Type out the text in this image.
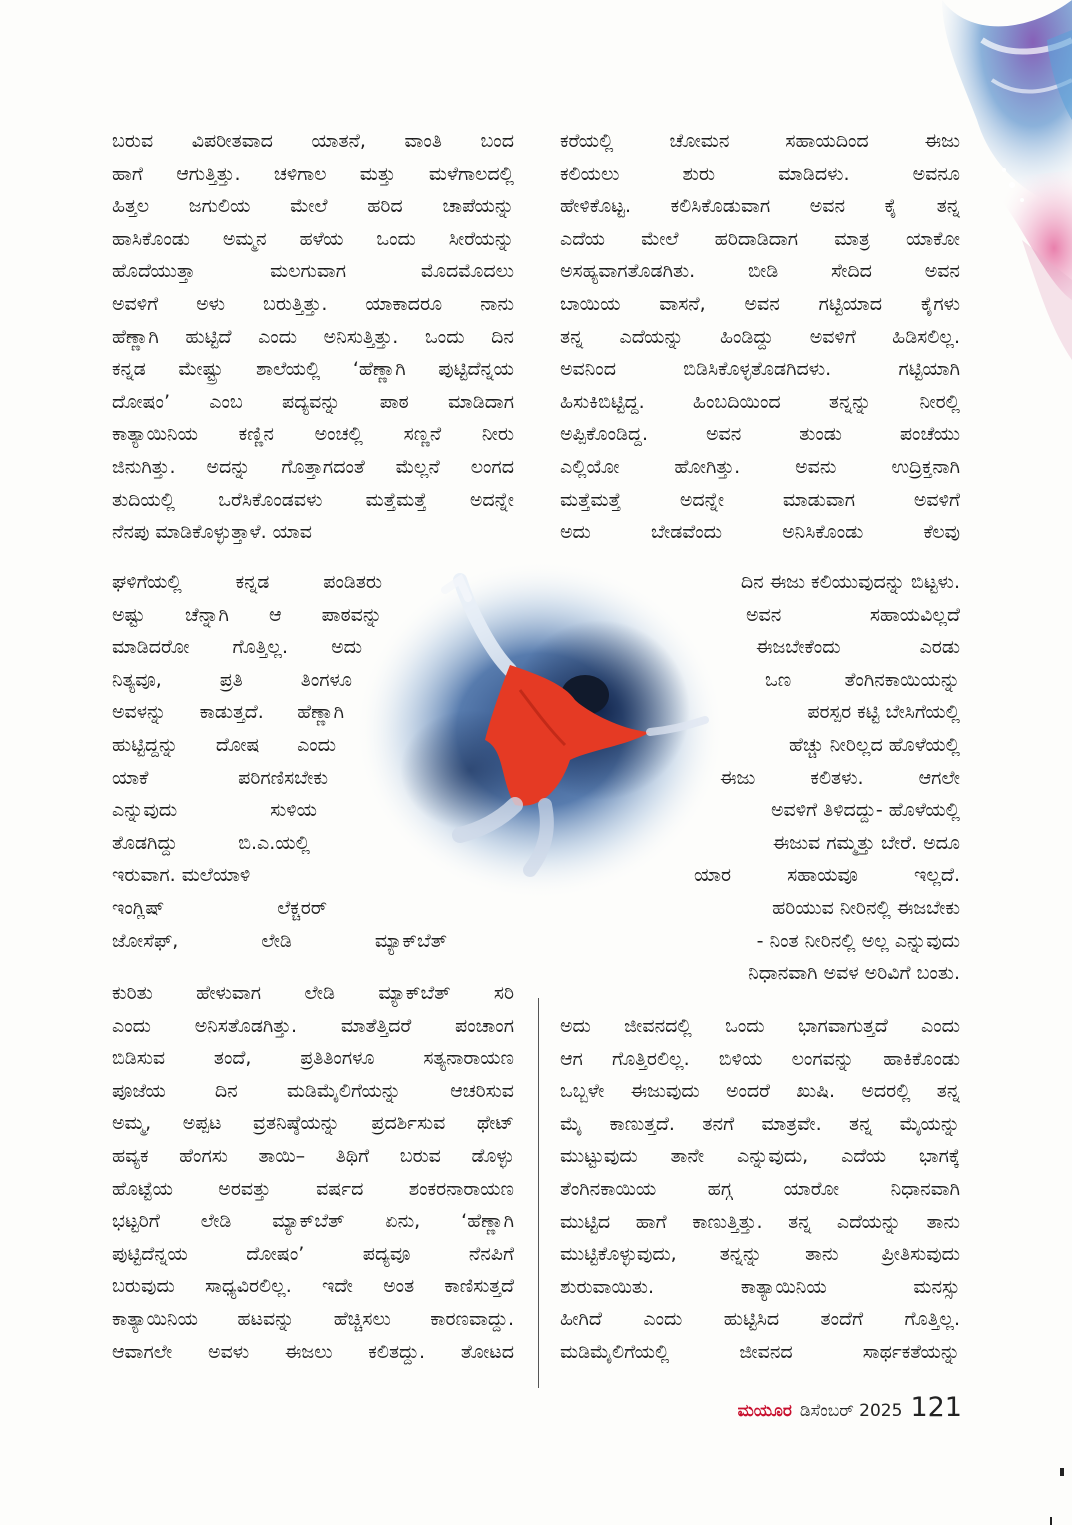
ಬರುವ ವಿಪರೀತವಾದ ಯಾತನೆ, ವಾಂತಿ ಬಂದ
ಹಾಗೆ ಆಗುತ್ತಿತ್ತು. ಚಳಿಗಾಲ ಮತ್ತು ಮಳೆಗಾಲದಲ್ಲಿ
ಹಿತ್ತಲ ಜಗುಲಿಯ ಮೇಲೆ ಹರಿದ ಚಾಪೆಯನ್ನು
ಹಾಸಿಕೊಂಡು ಅಮ್ಮನ ಹಳೆಯ ಒಂದು ಸೀರೆಯನ್ನು
ಹೊದೆಯುತ್ತಾ ಮಲಗುವಾಗ ಮೊದಮೊದಲು
ಅವಳಿಗೆ ಅಳು ಬರುತ್ತಿತ್ತು. ಯಾಕಾದರೂ ನಾನು
ಹೆಣ್ಣಾಗಿ ಹುಟ್ಟಿದೆ ಎಂದು ಅನಿಸುತ್ತಿತ್ತು. ಒಂದು ದಿನ
ಕನ್ನಡ ಮೇಷ್ಟ್ರು ಶಾಲೆಯಲ್ಲಿ ‘ಹೆಣ್ಣಾಗಿ ಪುಟ್ಟಿದೆನ್ನಯ
ದೋಷಂ’ ಎಂಬ ಪದ್ಯವನ್ನು ಪಾಠ ಮಾಡಿದಾಗ
ಕಾತ್ಯಾಯಿನಿಯ ಕಣ್ಣಿನ ಅಂಚಲ್ಲಿ ಸಣ್ಣನೆ ನೀರು
ಜಿನುಗಿತ್ತು. ಅದನ್ನು ಗೊತ್ತಾಗದಂತೆ ಮೆಲ್ಲನೆ ಲಂಗದ
ತುದಿಯಲ್ಲಿ ಒರೆಸಿಕೊಂಡವಳು ಮತ್ತೆಮತ್ತೆ ಅದನ್ನೇ
ನೆನಪು ಮಾಡಿಕೊಳ್ಳುತ್ತಾಳೆ. ಯಾವ
ಘಳಿಗೆಯಲ್ಲಿ ಕನ್ನಡ ಪಂಡಿತರು
ಅಷ್ಟು ಚೆನ್ನಾಗಿ ಆ ಪಾಠವನ್ನು
ಮಾಡಿದರೋ ಗೊತ್ತಿಲ್ಲ. ಅದು
ನಿತ್ಯವೂ, ಪ್ರತಿ ತಿಂಗಳೂ
ಅವಳನ್ನು ಕಾಡುತ್ತದೆ. ಹೆಣ್ಣಾಗಿ
ಹುಟ್ಟಿದ್ದನ್ನು ದೋಷ ಎಂದು
ಯಾಕೆ ಪರಿಗಣಿಸಬೇಕು
ಎನ್ನುವುದು ಸುಳಿಯ
ತೊಡಗಿದ್ದು ಬಿ.ಎ.ಯಲ್ಲಿ
ಇರುವಾಗ. ಮಲೆಯಾಳಿ
ಇಂಗ್ಲಿಷ್ ಲೆಕ್ಚರರ್
ಜೋಸೆಫ್, ಲೇಡಿ ಮ್ಯಾಕ್‌ಬೆತ್
ಕುರಿತು ಹೇಳುವಾಗ ಲೇಡಿ ಮ್ಯಾಕ್‌ಬೆತ್ ಸರಿ
ಎಂದು ಅನಿಸತೊಡಗಿತ್ತು. ಮಾತೆತ್ತಿದರೆ ಪಂಚಾಂಗ
ಬಿಡಿಸುವ ತಂದೆ, ಪ್ರತಿತಿಂಗಳೂ ಸತ್ಯನಾರಾಯಣ
ಪೂಜೆಯ ದಿನ ಮಡಿಮೈಲಿಗೆಯನ್ನು ಆಚರಿಸುವ
ಅಮ್ಮ, ಅಪ್ಪಟ ವ್ರತನಿಷ್ಠೆಯನ್ನು ಪ್ರದರ್ಶಿಸುವ ಥೇಟ್
ಹವ್ಯಕ ಹೆಂಗಸು ತಾಯಿ– ತಿಥಿಗೆ ಬರುವ ಡೊಳ್ಳು
ಹೊಟ್ಟೆಯ ಅರವತ್ತು ವರ್ಷದ ಶಂಕರನಾರಾಯಣ
ಭಟ್ಟರಿಗೆ ಲೇಡಿ ಮ್ಯಾಕ್‌ಬೆತ್ ಏನು, ‘ಹೆಣ್ಣಾಗಿ
ಪುಟ್ಟಿದೆನ್ನಯ ದೋಷಂ’ ಪದ್ಯವೂ ನೆನಪಿಗೆ
ಬರುವುದು ಸಾಧ್ಯವಿರಲಿಲ್ಲ. ಇದೇ ಅಂತ ಕಾಣಿಸುತ್ತದೆ
ಕಾತ್ಯಾಯಿನಿಯ ಹಟವನ್ನು ಹೆಚ್ಚಿಸಲು ಕಾರಣವಾದ್ದು.
ಆವಾಗಲೇ ಅವಳು ಈಜಲು ಕಲಿತದ್ದು. ತೋಟದ
ಕರೆಯಲ್ಲಿ ಚೋಮನ ಸಹಾಯದಿಂದ ಈಜು
ಕಲಿಯಲು ಶುರು ಮಾಡಿದಳು. ಅವನೂ
ಹೇಳಿಕೊಟ್ಟ. ಕಲಿಸಿಕೊಡುವಾಗ ಅವನ ಕೈ ತನ್ನ
ಎದೆಯ ಮೇಲೆ ಹರಿದಾಡಿದಾಗ ಮಾತ್ರ ಯಾಕೋ
ಅಸಹ್ಯವಾಗತೊಡಗಿತು. ಬೀಡಿ ಸೇದಿದ ಅವನ
ಬಾಯಿಯ ವಾಸನೆ, ಅವನ ಗಟ್ಟಿಯಾದ ಕೈಗಳು
ತನ್ನ ಎದೆಯನ್ನು ಹಿಂಡಿದ್ದು ಅವಳಿಗೆ ಹಿಡಿಸಲಿಲ್ಲ.
ಅವನಿಂದ ಬಿಡಿಸಿಕೊಳ್ಳತೊಡಗಿದಳು. ಗಟ್ಟಿಯಾಗಿ
ಹಿಸುಕಿಬಿಟ್ಟಿದ್ದ. ಹಿಂಬದಿಯಿಂದ ತನ್ನನ್ನು ನೀರಲ್ಲಿ
ಅಪ್ಪಿಕೊಂಡಿದ್ದ. ಅವನ ತುಂಡು ಪಂಚೆಯು
ಎಲ್ಲಿಯೋ ಹೋಗಿತ್ತು. ಅವನು ಉದ್ರಿಕ್ತನಾಗಿ
ಮತ್ತೆಮತ್ತೆ ಅದನ್ನೇ ಮಾಡುವಾಗ ಅವಳಿಗೆ
ಅದು ಬೇಡವೆಂದು ಅನಿಸಿಕೊಂಡು ಕೆಲವು
ದಿನ ಈಜು ಕಲಿಯುವುದನ್ನು ಬಿಟ್ಟಳು.
ಅವನ ಸಹಾಯವಿಲ್ಲದೆ
ಈಜಬೇಕೆಂದು ಎರಡು
ಒಣ ತೆಂಗಿನಕಾಯಿಯನ್ನು
ಪರಸ್ಪರ ಕಟ್ಟಿ ಬೇಸಿಗೆಯಲ್ಲಿ
ಹೆಚ್ಚು ನೀರಿಲ್ಲದ ಹೊಳೆಯಲ್ಲಿ
ಈಜು ಕಲಿತಳು. ಆಗಲೇ
ಅವಳಿಗೆ ತಿಳಿದದ್ದು- ಹೊಳೆಯಲ್ಲಿ
ಈಜುವ ಗಮ್ಮತ್ತು ಬೇರೆ. ಅದೂ
ಯಾರ ಸಹಾಯವೂ ಇಲ್ಲದೆ.
ಹರಿಯುವ ನೀರಿನಲ್ಲಿ ಈಜಬೇಕು
- ನಿಂತ ನೀರಿನಲ್ಲಿ ಅಲ್ಲ ಎನ್ನುವುದು
ನಿಧಾನವಾಗಿ ಅವಳ ಅರಿವಿಗೆ ಬಂತು.
ಅದು ಜೀವನದಲ್ಲಿ ಒಂದು ಭಾಗವಾಗುತ್ತದೆ ಎಂದು
ಆಗ ಗೊತ್ತಿರಲಿಲ್ಲ. ಬಿಳಿಯ ಲಂಗವನ್ನು ಹಾಕಿಕೊಂಡು
ಒಬ್ಬಳೇ ಈಜುವುದು ಅಂದರೆ ಖುಷಿ. ಅದರಲ್ಲಿ ತನ್ನ
ಮೈ ಕಾಣುತ್ತದೆ. ತನಗೆ ಮಾತ್ರವೇ. ತನ್ನ ಮೈಯನ್ನು
ಮುಟ್ಟುವುದು ತಾನೇ ಎನ್ನುವುದು, ಎದೆಯ ಭಾಗಕ್ಕೆ
ತೆಂಗಿನಕಾಯಿಯ ಹಗ್ಗ ಯಾರೋ ನಿಧಾನವಾಗಿ
ಮುಟ್ಟಿದ ಹಾಗೆ ಕಾಣುತ್ತಿತ್ತು. ತನ್ನ ಎದೆಯನ್ನು ತಾನು
ಮುಟ್ಟಿಕೊಳ್ಳುವುದು, ತನ್ನನ್ನು ತಾನು ಪ್ರೀತಿಸುವುದು
ಶುರುವಾಯಿತು. ಕಾತ್ಯಾಯಿನಿಯ ಮನಸ್ಸು
ಹೀಗಿದೆ ಎಂದು ಹುಟ್ಟಿಸಿದ ತಂದೆಗೆ ಗೊತ್ತಿಲ್ಲ.
ಮಡಿಮೈಲಿಗೆಯಲ್ಲಿ ಜೀವನದ ಸಾರ್ಥಕತೆಯನ್ನು
ಮಯೂರ ಡಿಸೆಂಬರ್ 2025 121
